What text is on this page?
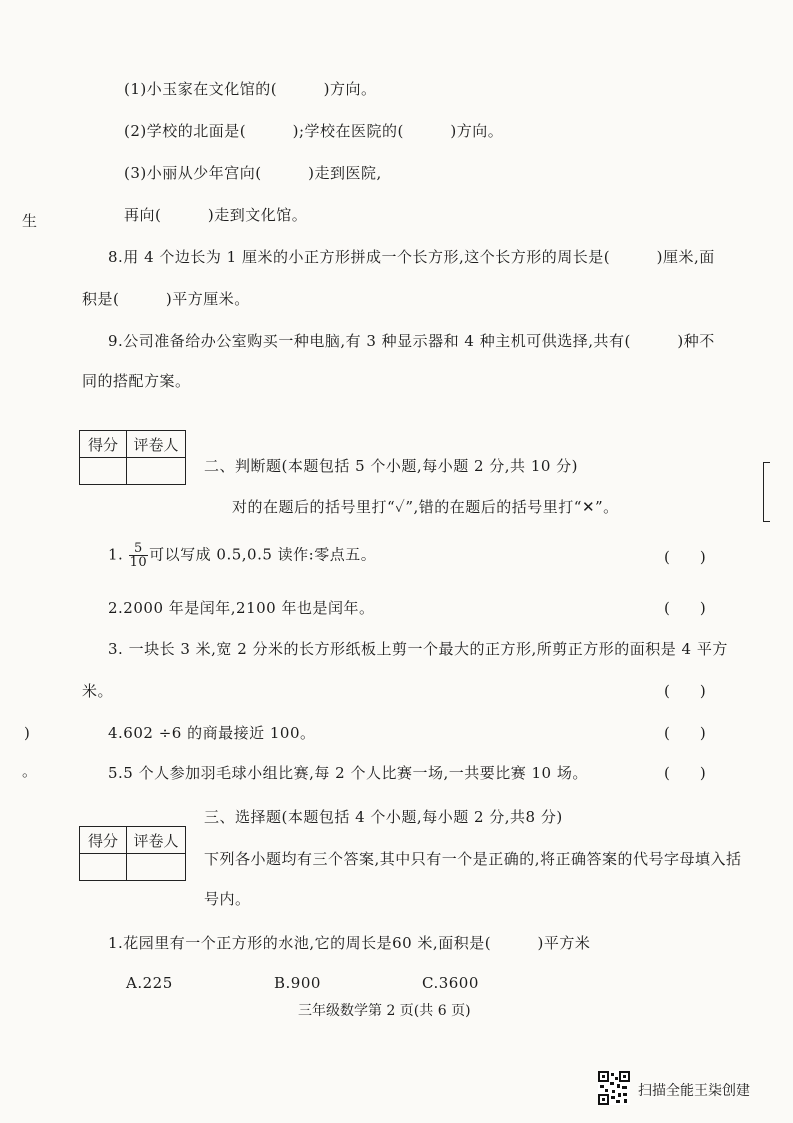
生
)
。
(1)小玉家在文化馆的(　　　)方向。
(2)学校的北面是(　　　);学校在医院的(　　　)方向。
(3)小丽从少年宫向(　　　)走到医院,
再向(　　　)走到文化馆。
8.用 4 个边长为 1 厘米的小正方形拼成一个长方形,这个长方形的周长是(　　　)厘米,面
积是(　　　)平方厘米。
9.公司准备给办公室购买一种电脑,有 3 种显示器和 4 种主机可供选择,共有(　　　)种不
同的搭配方案。
得分	评卷人

二、判断题(本题包括 5 个小题,每小题 2 分,共 10 分)
对的在题后的括号里打“✓”,错的在题后的括号里打“✕”。
1. $\frac{5}{10}$ 可以写成 0.5,0.5 读作:零点五。	(　　)
2.2000 年是闰年,2100 年也是闰年。	(　　)
3. 一块长 3 米,宽 2 分米的长方形纸板上剪一个最大的正方形,所剪正方形的面积是 4 平方
米。	(　　)
4.602 ÷6 的商最接近 100。	(　　)
5.5 个人参加羽毛球小组比赛,每 2 个人比赛一场,一共要比赛 10 场。	(　　)
三、选择题(本题包括 4 个小题,每小题 2 分,共8 分)
得分	评卷人

下列各小题均有三个答案,其中只有一个是正确的,将正确答案的代号字母填入括
号内。
1.花园里有一个正方形的水池,它的周长是60 米,面积是(　　　)平方米
A.225	B.900	C.3600
三年级数学第 2 页(共 6 页)
扫描全能王柒创建
